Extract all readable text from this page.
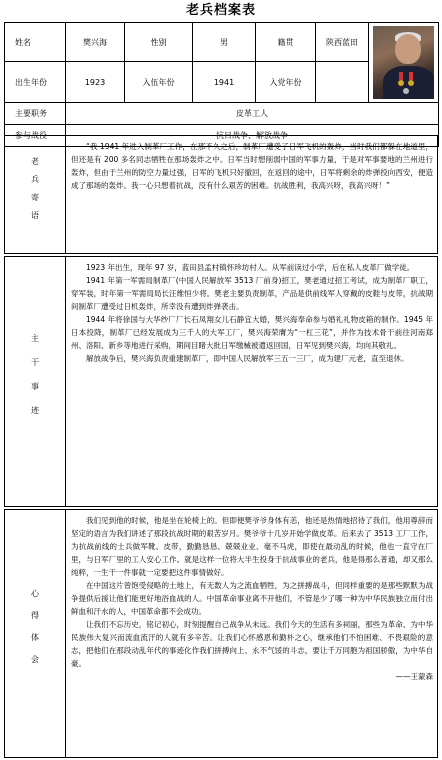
老兵档案表
姓名	樊兴海	性别	男	籍贯	陕西蓝田	

出生年份	1923	入伍年份	1941	入党年份		
主要职务	皮革工人					
参与战役	抗日战争、解放战争					
老
兵
寄
语

“我 1941 年进入制革厂工作，在那不久之后，制革厂遭受了日军飞机的轰炸，当时我们都躲在地道里，但还是有 200 多名同志牺牲在那场轰炸之中。日军当时想削弱中国的军事力量，于是对军事要地的兰州进行轰炸，但由于兰州的防空力量过强，日军的飞机只好撤回，在返回的途中，日军将剩余的炸弹投向西安，便造成了那场的轰炸。我一心只想着抗战，没有什么艰苦的困难。抗战胜利，我高兴呀，我高兴呀！”

主
干
事
迹

1923 年出生，现年 97 岁，蓝田县孟村镇怀珍坊村人。从军前读过小学，后在私人皮革厂做学徒。

1941 年第一军需局制革厂(中国人民解放军 3513 厂前身)招工，樊老通过招工考试，成为制革厂职工，穿军装，时年第一军需局局长汪维恒少将。樊老主要负责制革，产品是供前线军人穿戴的皮鞋与皮带，抗战期间制革厂遭受过日机轰炸，所幸没有遭到炸弹袭击。

1944 年将徐国与大华纱厂厂长石凤翔女儿石静宜大婚，樊兴海奉命参与婚礼礼物皮箱的制作。1945 年日本投降，制革厂已经发展成为三千人的大军工厂，樊兴海荣膺为“一杠三花”，并作为技术骨干前往河南郑州、洛阳、新乡等地进行采购，期间目睹大批日军缴械被遣返回国，日军见到樊兴海，均向其敬礼。

解放战争后，樊兴海负责重建制革厂，即中国人民解放军三五一三厂，成为建厂元老，直至退休。

心
得
体
会

我们见到他的时候，他是坐在轮椅上的。但即便樊爷爷身体有恙，他还是热情地招待了我们，他用尊辞而坚定的语言为我们讲述了那段抗战时期的艰苦岁月。樊爷爷十几岁开始学做皮革。后来去了 3513 工厂工作，为抗战前线的士兵做军靴、皮带，勤勤恳恳、兢兢业业、毫不马虎，即使在最动乱的时候，他也一直守在厂里，与日军厂里的工人安心工作。就是这样一位将大半生投身于抗战事业的老兵，他是得那么普通，却又那么纯粹，一生干一件事就一定要把这件事情做好。

在中国这片曾饱受侵略的土地上，有无数人为之流血牺牲，为之拼搏战斗，但同样重要的是那些默默为战争提供后援让他们能更好地浴血战的人。中国革命事业离不开他们，不管是少了哪一种为中华民族独立而付出鲜血和汗水的人，中国革命都不会成功。

让我们不忘历史，铭记初心，时刻提醒自己战争从未远。我们今天的生活有多祠丽，那些为革命、为中华民族伟大复兴而流血流汗的人就有多辛苦。让我们心怀感恩和勤朴之心，继承他们不怕困难、不畏艰险的意志，把他们在那段动乱年代的事迹化作我们拼搏向上、永不气馁的斗志，要让千万同胞为祖国骄傲，为中华自豪。

——王蒙森
